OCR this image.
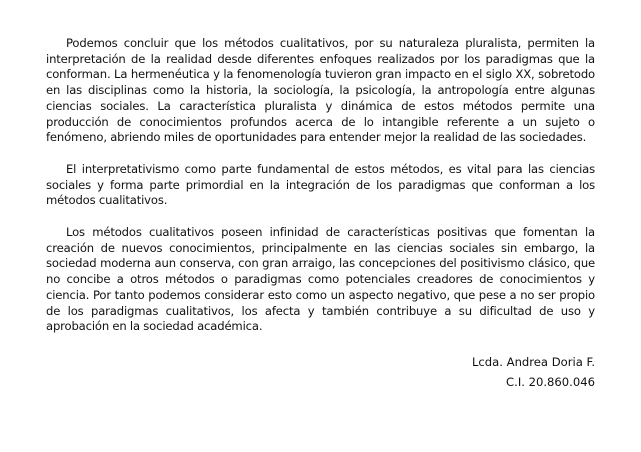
Podemos concluir que los métodos cualitativos, por su naturaleza pluralista, permiten la interpretación de la realidad desde diferentes enfoques realizados por los paradigmas que la conforman. La hermenéutica y la fenomenología tuvieron gran impacto en el siglo XX, sobretodo en las disciplinas como la historia, la sociología, la psicología, la antropología entre algunas ciencias sociales. La característica pluralista y dinámica de estos métodos permite una producción de conocimientos profundos acerca de lo intangible referente a un sujeto o fenómeno, abriendo miles de oportunidades para entender mejor la realidad de las sociedades.

El interpretativismo como parte fundamental de estos métodos, es vital para las ciencias sociales y forma parte primordial en la integración de los paradigmas que conforman a los métodos cualitativos.

Los métodos cualitativos poseen infinidad de características positivas que fomentan la creación de nuevos conocimientos, principalmente en las ciencias sociales sin embargo, la sociedad moderna aun conserva, con gran arraigo, las concepciones del positivismo clásico, que no concibe a otros métodos o paradigmas como potenciales creadores de conocimientos y ciencia. Por tanto podemos considerar esto como un aspecto negativo, que pese a no ser propio de los paradigmas cualitativos, los afecta y también contribuye a su dificultad de uso y aprobación en la sociedad académica.

Lcda. Andrea Doria F.
C.I. 20.860.046
